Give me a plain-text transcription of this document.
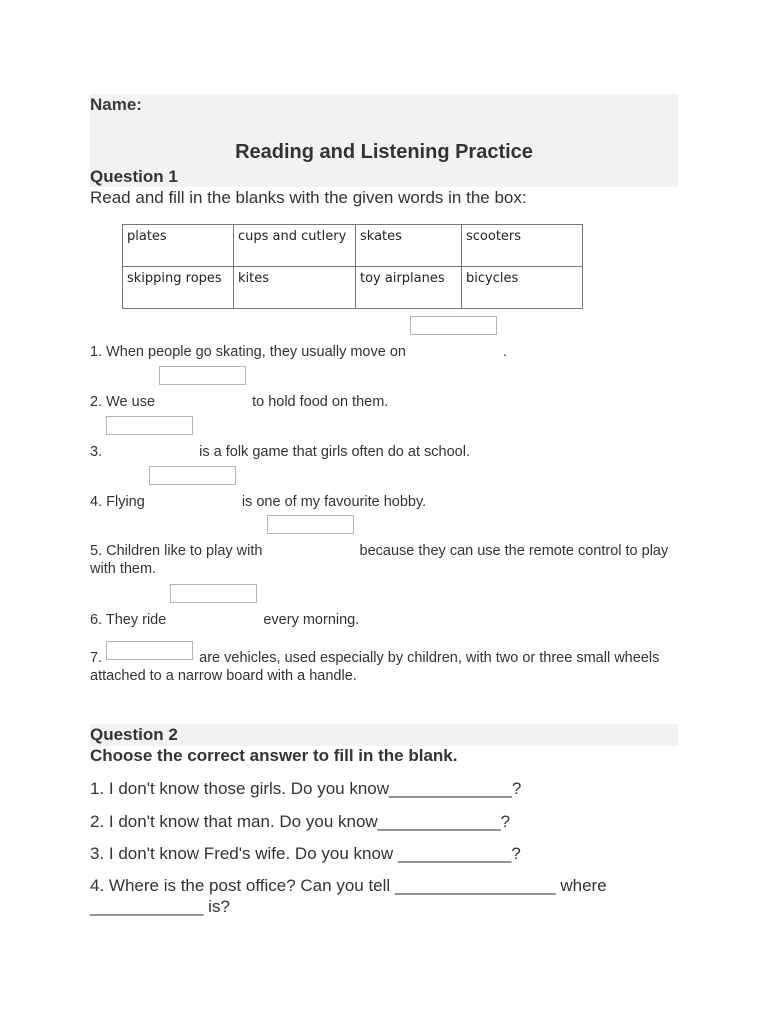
Name:
Reading and Listening Practice
Question 1
Read and fill in the blanks with the given words in the box:
plates	cups and cutlery	skates	scooters
skipping ropes	kites	toy airplanes	bicycles
1. When people go skating, they usually move on	.
2. We use	to hold food on them.
3.	is a folk game that girls often do at school.
4. Flying	is one of my favourite hobby.
5. Children like to play with	because they can use the remote control to play with them.
6. They ride	every morning.
7.	are vehicles, used especially by children, with two or three small wheels attached to a narrow board with a handle.
Question 2
Choose the correct answer to fill in the blank.
1. I don't know those girls. Do you know_____________?
2. I don't know that man. Do you know_____________?
3. I don't know Fred's wife. Do you know ____________?
4. Where is the post office? Can you tell _________________ where ____________ is?
